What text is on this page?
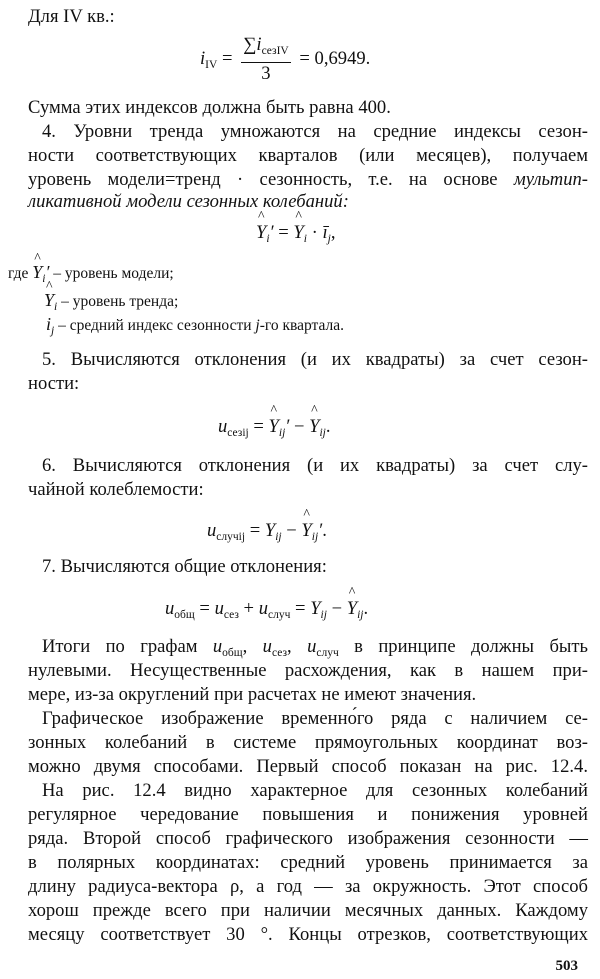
Для IV кв.:
$i_{IV} = \frac{\sum i_{сезIV}}{3} = 0,6949$.
Сумма этих индексов должна быть равна 400.
4. Уровни тренда умножаются на средние индексы сезон-
ности соответствующих кварталов (или месяцев), получаем
уровень модели=тренд · сезонность, т.е. на основе мультип-
ликативной модели сезонных колебаний:
^ $Y_i'$ = ^ $Y_i$ · $ī_j$,
где ^ $Y_i'$ – уровень модели;
^ $Y_i$ – уровень тренда;
$i_j$ – средний индекс сезонности j-го квартала.
5. Вычисляются отклонения (и их квадраты) за счет сезон-
ности:
$u_{сезij}$ = ^ $Y_{ij}'$ − ^ $Y_{ij}$.
6. Вычисляются отклонения (и их квадраты) за счет слу-
чайной колеблемости:
$u_{случij} = Y_{ij}$ − ^ $Y_{ij}'$.
7. Вычисляются общие отклонения:
$u_{общ} = u_{сез} + u_{случ} = Y_{ij}$ − ^ $Y_{ij}$.
Итоги по графам $u_{общ}$, $u_{сез}$, $u_{случ}$ в принципе должны быть
нулевыми. Несущественные расхождения, как в нашем при-
мере, из-за округлений при расчетах не имеют значения.
Графическое изображение временно́го ряда с наличием се-
зонных колебаний в системе прямоугольных координат воз-
можно двумя способами. Первый способ показан на рис. 12.4.
На рис. 12.4 видно характерное для сезонных колебаний
регулярное чередование повышения и понижения уровней
ряда. Второй способ графического изображения сезонности —
в полярных координатах: средний уровень принимается за
длину радиуса-вектора ρ, а год — за окружность. Этот способ
хорош прежде всего при наличии месячных данных. Каждому
месяцу соответствует 30 °. Концы отрезков, соответствующих
503
